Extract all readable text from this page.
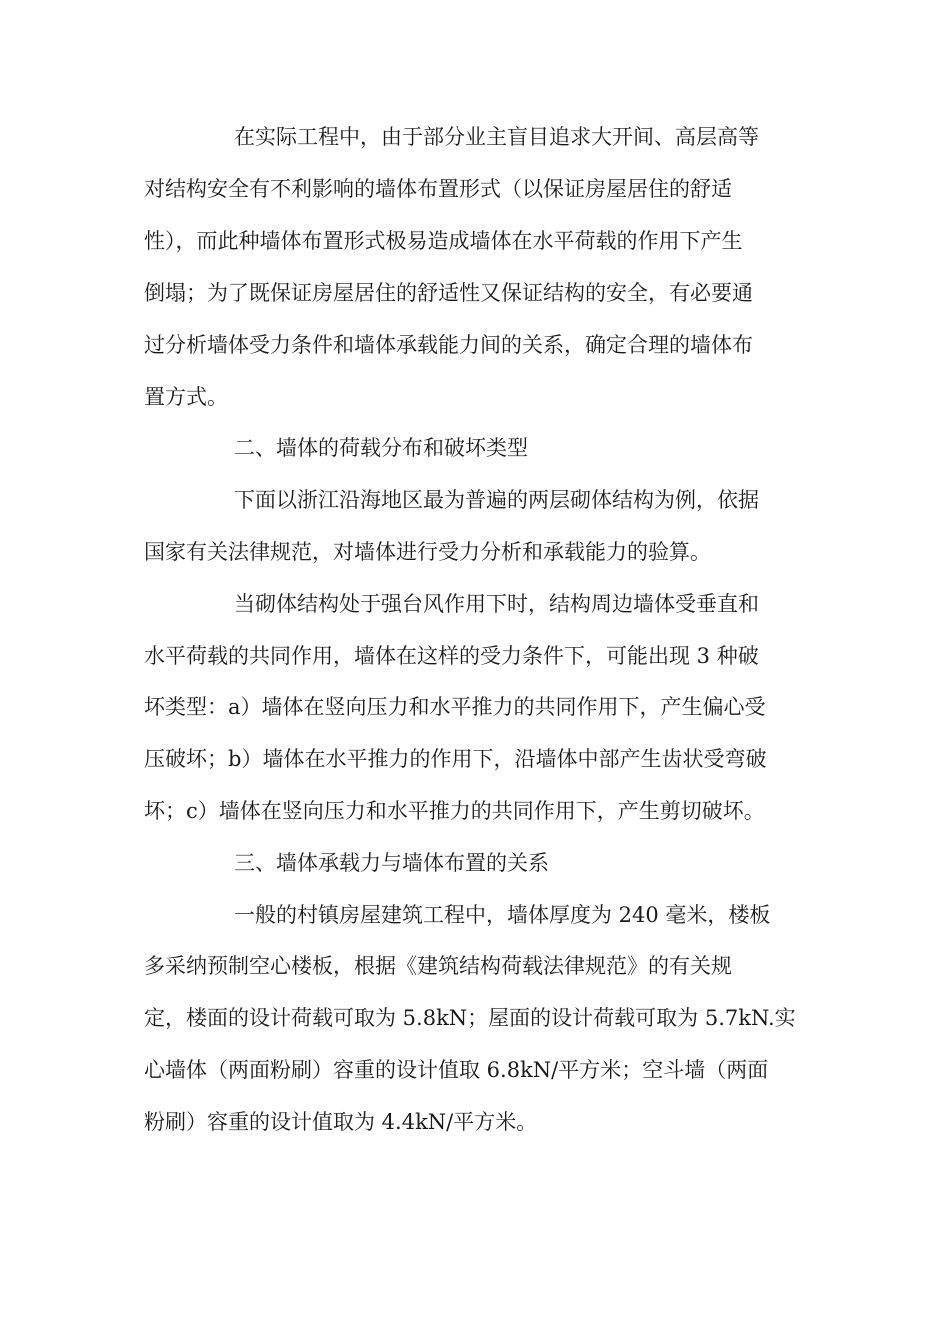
在实际工程中，由于部分业主盲目追求大开间、高层高等
对结构安全有不利影响的墙体布置形式（以保证房屋居住的舒适
性），而此种墙体布置形式极易造成墙体在水平荷载的作用下产生
倒塌；为了既保证房屋居住的舒适性又保证结构的安全，有必要通
过分析墙体受力条件和墙体承载能力间的关系，确定合理的墙体布
置方式。
二、墙体的荷载分布和破坏类型
下面以浙江沿海地区最为普遍的两层砌体结构为例，依据
国家有关法律规范，对墙体进行受力分析和承载能力的验算。
当砌体结构处于强台风作用下时，结构周边墙体受垂直和
水平荷载的共同作用，墙体在这样的受力条件下，可能出现 3 种破
坏类型：a）墙体在竖向压力和水平推力的共同作用下，产生偏心受
压破坏；b）墙体在水平推力的作用下，沿墙体中部产生齿状受弯破
坏；c）墙体在竖向压力和水平推力的共同作用下，产生剪切破坏。
三、墙体承载力与墙体布置的关系
一般的村镇房屋建筑工程中，墙体厚度为 240 毫米，楼板
多采纳预制空心楼板，根据《建筑结构荷载法律规范》的有关规
定，楼面的设计荷载可取为 5.8kN；屋面的设计荷载可取为 5.7kN.实
心墙体（两面粉刷）容重的设计值取 6.8kN/平方米；空斗墙（两面
粉刷）容重的设计值取为 4.4kN/平方米。
